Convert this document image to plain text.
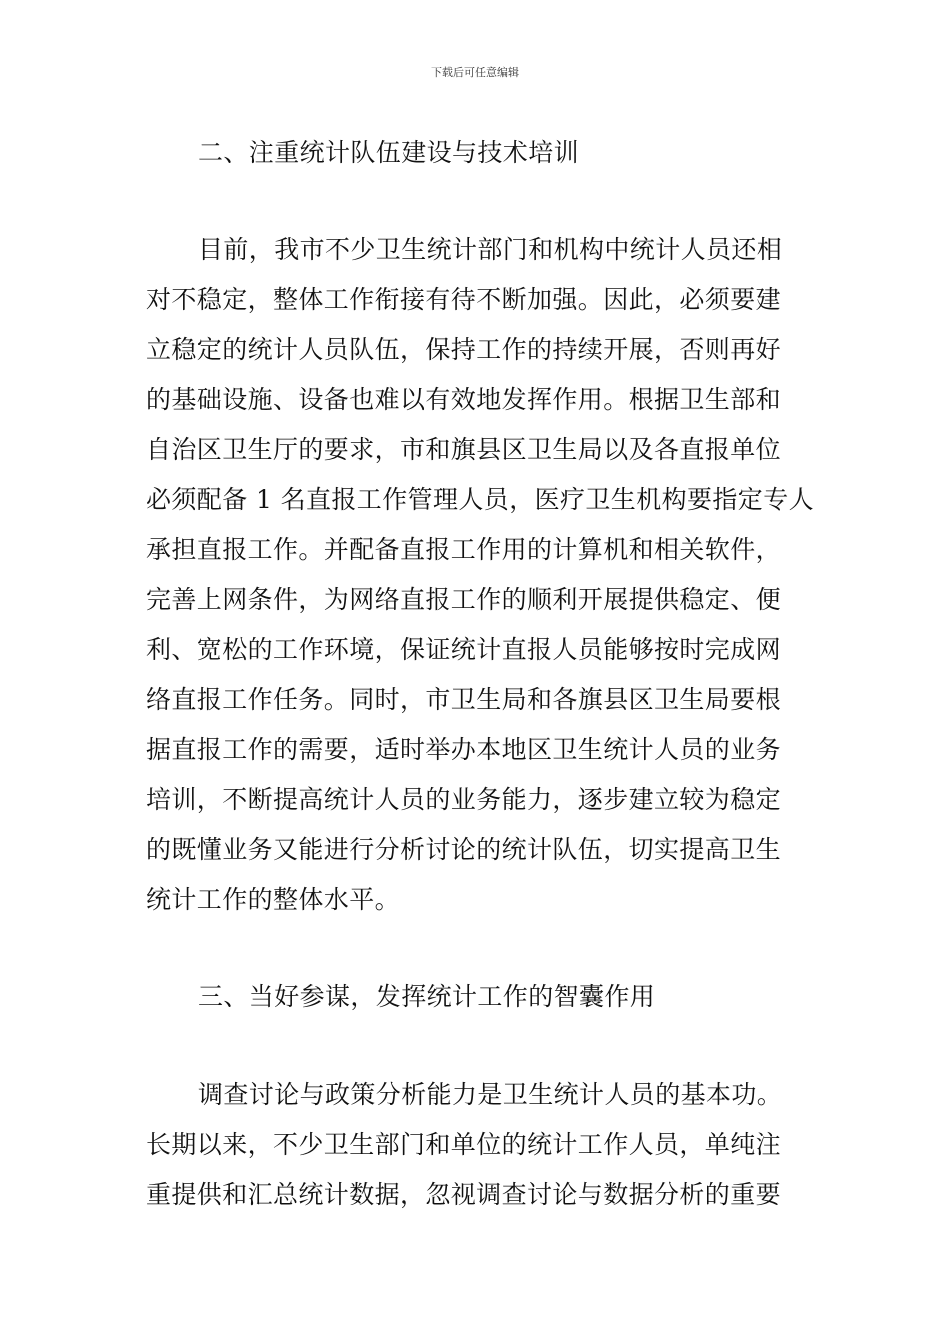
下载后可任意编辑
二、注重统计队伍建设与技术培训
目前，我市不少卫生统计部门和机构中统计人员还相
对不稳定，整体工作衔接有待不断加强。因此，必须要建
立稳定的统计人员队伍，保持工作的持续开展，否则再好
的基础设施、设备也难以有效地发挥作用。根据卫生部和
自治区卫生厅的要求，市和旗县区卫生局以及各直报单位
必须配备 1 名直报工作管理人员，医疗卫生机构要指定专人
承担直报工作。并配备直报工作用的计算机和相关软件，
完善上网条件，为网络直报工作的顺利开展提供稳定、便
利、宽松的工作环境，保证统计直报人员能够按时完成网
络直报工作任务。同时，市卫生局和各旗县区卫生局要根
据直报工作的需要，适时举办本地区卫生统计人员的业务
培训，不断提高统计人员的业务能力，逐步建立较为稳定
的既懂业务又能进行分析讨论的统计队伍，切实提高卫生
统计工作的整体水平。
三、当好参谋，发挥统计工作的智囊作用
调查讨论与政策分析能力是卫生统计人员的基本功。
长期以来，不少卫生部门和单位的统计工作人员，单纯注
重提供和汇总统计数据，忽视调查讨论与数据分析的重要
